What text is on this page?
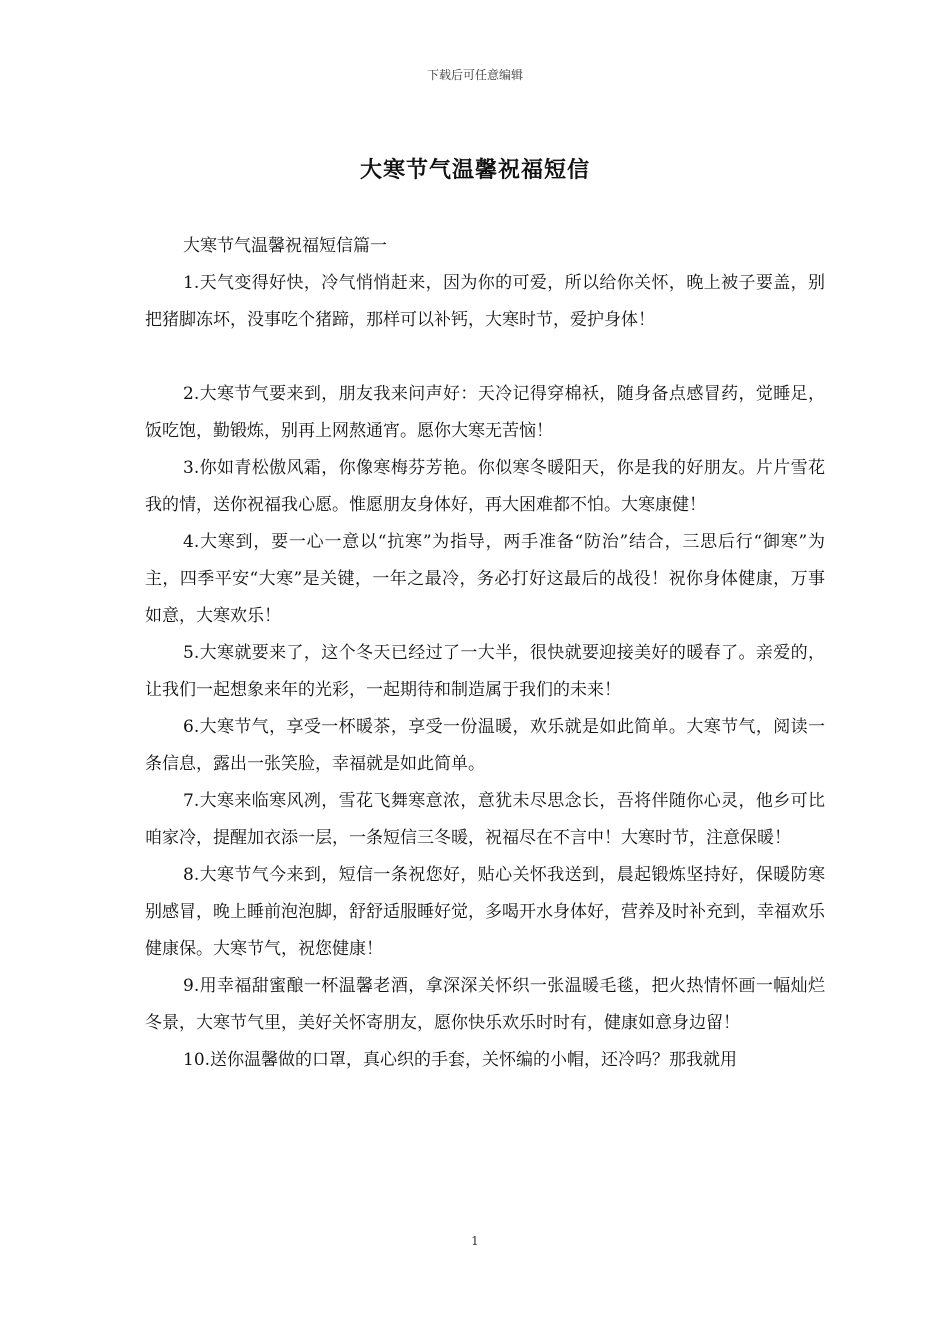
下载后可任意编辑
大寒节气温馨祝福短信

大寒节气温馨祝福短信篇一

1.天气变得好快，冷气悄悄赶来，因为你的可爱，所以给你关怀，晚上被子要盖，别把猪脚冻坏，没事吃个猪蹄，那样可以补钙，大寒时节，爱护身体！

2.大寒节气要来到，朋友我来问声好：天冷记得穿棉袄，随身备点感冒药，觉睡足，饭吃饱，勤锻炼，别再上网熬通宵。愿你大寒无苦恼！

3.你如青松傲风霜，你像寒梅芬芳艳。你似寒冬暖阳天，你是我的好朋友。片片雪花我的情，送你祝福我心愿。惟愿朋友身体好，再大困难都不怕。大寒康健！

4.大寒到，要一心一意以“抗寒”为指导，两手准备“防治”结合，三思后行“御寒”为主，四季平安“大寒”是关键，一年之最冷，务必打好这最后的战役！祝你身体健康，万事如意，大寒欢乐！

5.大寒就要来了，这个冬天已经过了一大半，很快就要迎接美好的暖春了。亲爱的，让我们一起想象来年的光彩，一起期待和制造属于我们的未来！

6.大寒节气，享受一杯暖茶，享受一份温暖，欢乐就是如此简单。大寒节气，阅读一条信息，露出一张笑脸，幸福就是如此简单。

7.大寒来临寒风冽，雪花飞舞寒意浓，意犹未尽思念长，吾将伴随你心灵，他乡可比咱家冷，提醒加衣添一层，一条短信三冬暖，祝福尽在不言中！大寒时节，注意保暖！

8.大寒节气今来到，短信一条祝您好，贴心关怀我送到，晨起锻炼坚持好，保暖防寒别感冒，晚上睡前泡泡脚，舒舒适服睡好觉，多喝开水身体好，营养及时补充到，幸福欢乐健康保。大寒节气，祝您健康！

9.用幸福甜蜜酿一杯温馨老酒，拿深深关怀织一张温暖毛毯，把火热情怀画一幅灿烂冬景，大寒节气里，美好关怀寄朋友，愿你快乐欢乐时时有，健康如意身边留！

10.送你温馨做的口罩，真心织的手套，关怀编的小帽，还冷吗？那我就用

1
